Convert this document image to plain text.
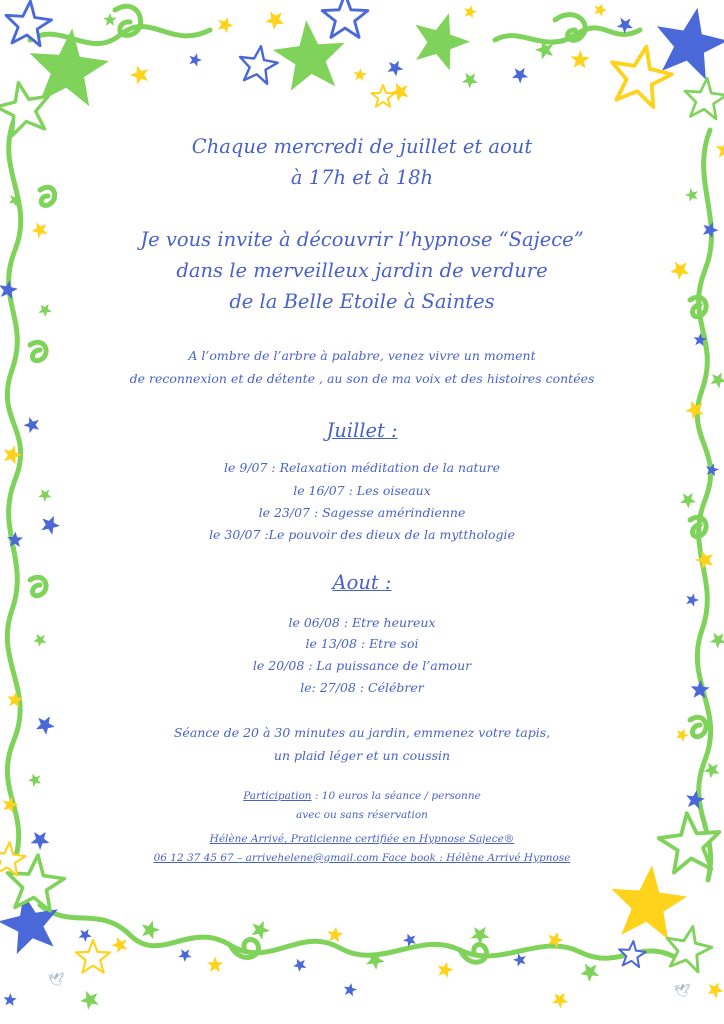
Chaque mercredi de juillet et aout
à 17h et à 18h
Je vous invite à découvrir l’hypnose “Sajece”
dans le merveilleux jardin de verdure
de la Belle Etoile à Saintes
A l’ombre de l’arbre à palabre, venez vivre un moment
de reconnexion et de détente , au son de ma voix et des histoires contées
Juillet :
le 9/07 : Relaxation méditation de la nature
le 16/07 : Les oiseaux
le 23/07 : Sagesse amérindienne
le 30/07 :Le pouvoir des dieux de la mytthologie
Aout :
le 06/08 : Etre heureux
le 13/08 : Etre soi
le 20/08 : La puissance de l’amour
le: 27/08 : Célébrer
Séance de 20 à 30 minutes au jardin, emmenez votre tapis,
un plaid léger et un coussin
Participation : 10 euros la séance / personne
avec ou sans réservation
Hélène Arrivé, Praticienne certifiée en Hypnose Sajece®
06 12 37 45 67 – arrivehelene@gmail.com Face book : Hélène Arrivé Hypnose
🕊
🕊
